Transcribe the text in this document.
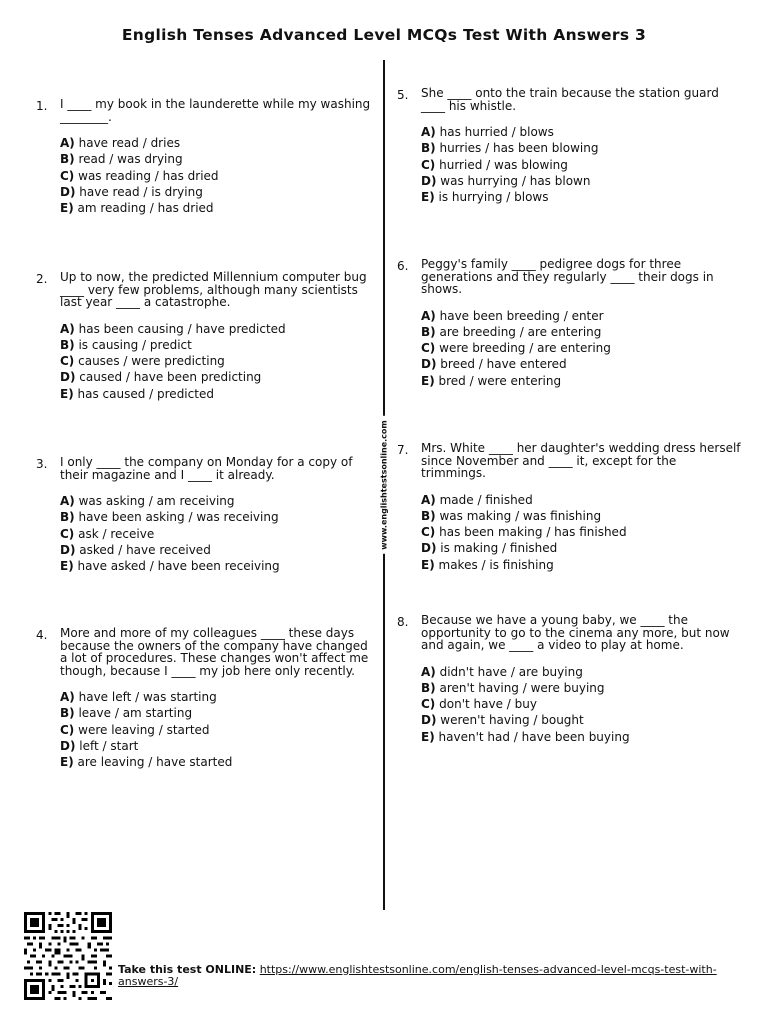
English Tenses Advanced Level MCQs Test With Answers 3
www.englishtestsonline.com
1. I ____ my book in the launderette while my washing ________.
A) have read / dries
B) read / was drying
C) was reading / has dried
D) have read / is drying
E) am reading / has dried
2. Up to now, the predicted Millennium computer bug ____ very few problems, although many scientists last year ____ a catastrophe.
A) has been causing / have predicted
B) is causing / predict
C) causes / were predicting
D) caused / have been predicting
E) has caused / predicted
3. I only ____ the company on Monday for a copy of their magazine and I ____ it already.
A) was asking / am receiving
B) have been asking / was receiving
C) ask / receive
D) asked / have received
E) have asked / have been receiving
4. More and more of my colleagues ____ these days because the owners of the company have changed a lot of procedures. These changes won't affect me though, because I ____ my job here only recently.
A) have left / was starting
B) leave / am starting
C) were leaving / started
D) left / start
E) are leaving / have started
5. She ____ onto the train because the station guard ____ his whistle.
A) has hurried / blows
B) hurries / has been blowing
C) hurried / was blowing
D) was hurrying / has blown
E) is hurrying / blows
6. Peggy's family ____ pedigree dogs for three generations and they regularly ____ their dogs in shows.
A) have been breeding / enter
B) are breeding / are entering
C) were breeding / are entering
D) breed / have entered
E) bred / were entering
7. Mrs. White ____ her daughter's wedding dress herself since November and ____ it, except for the trimmings.
A) made / finished
B) was making / was finishing
C) has been making / has finished
D) is making / finished
E) makes / is finishing
8. Because we have a young baby, we ____ the opportunity to go to the cinema any more, but now and again, we ____ a video to play at home.
A) didn't have / are buying
B) aren't having / were buying
C) don't have / buy
D) weren't having / bought
E) haven't had / have been buying
Take this test ONLINE: https://www.englishtestsonline.com/english-tenses-advanced-level-mcqs-test-with-answers-3/
